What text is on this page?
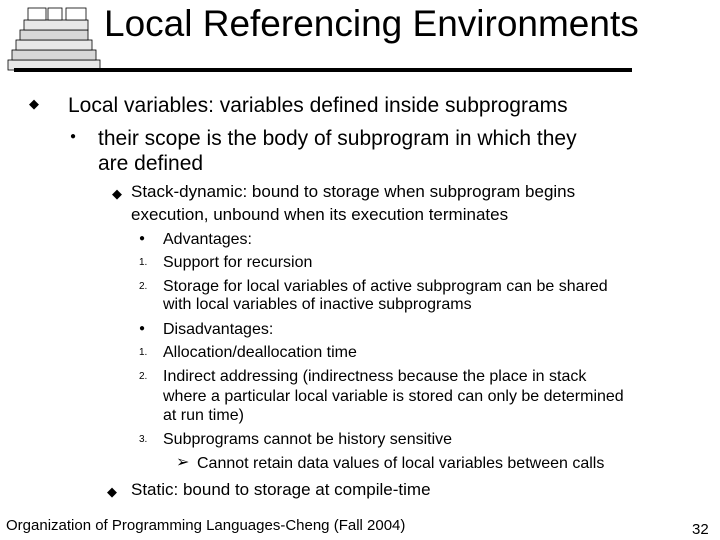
Local Referencing Environments
◆ Local variables: variables defined inside subprograms
● their scope is the body of subprogram in which they
are defined
◆ Stack-dynamic: bound to storage when subprogram begins
execution, unbound when its execution terminates
● Advantages:
1. Support for recursion
2. Storage for local variables of active subprogram can be shared
with local variables of inactive subprograms
● Disadvantages:
1. Allocation/deallocation time
2. Indirect addressing (indirectness because the place in stack
where a particular local variable is stored can only be determined
at run time)
3. Subprograms cannot be history sensitive
➢ Cannot retain data values of local variables between calls
◆ Static: bound to storage at compile-time
Organization of Programming Languages-Cheng (Fall 2004)	32
